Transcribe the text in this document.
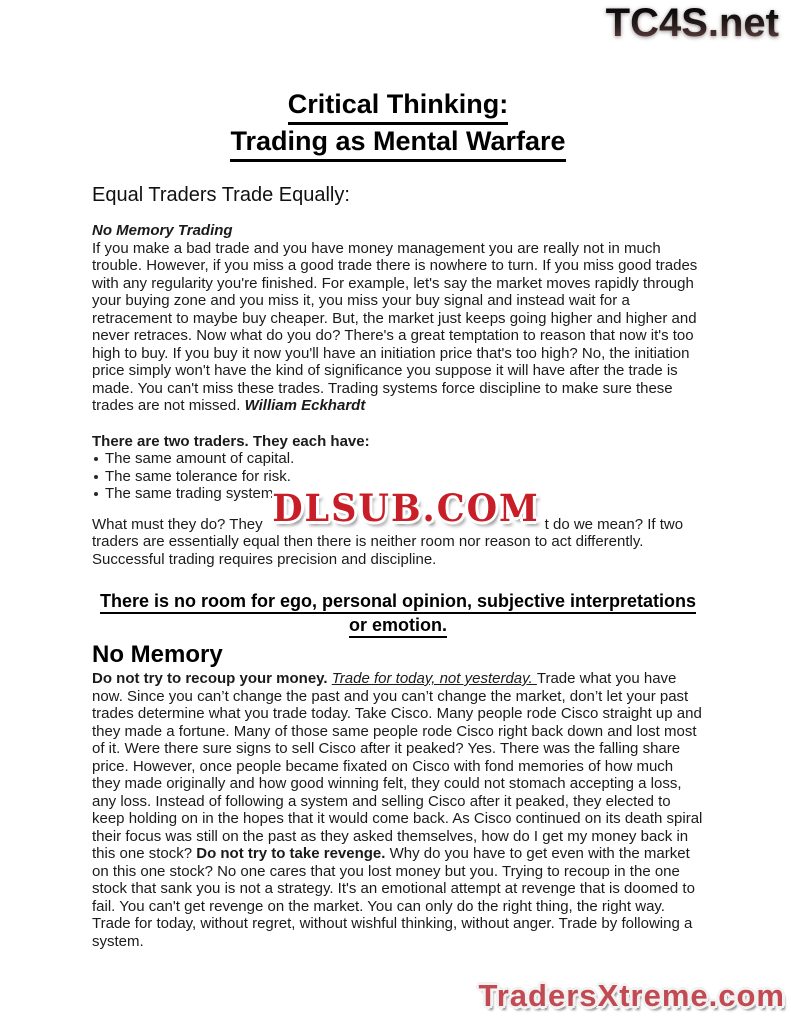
TC4S.net
Critical Thinking:
Trading as Mental Warfare
Equal Traders Trade Equally:
No Memory Trading

If you make a bad trade and you have money management you are really not in much trouble. However, if you miss a good trade there is nowhere to turn. If you miss good trades with any regularity you're finished. For example, let's say the market moves rapidly through your buying zone and you miss it, you miss your buy signal and instead wait for a retracement to maybe buy cheaper. But, the market just keeps going higher and higher and never retraces. Now what do you do? There's a great temptation to reason that now it's too high to buy. If you buy it now you'll have an initiation price that's too high? No, the initiation price simply won't have the kind of significance you suppose it will have after the trade is made. You can't miss these trades. Trading systems force discipline to make sure these trades are not missed. William Eckhardt

There are two traders. They each have:
The same amount of capital.
The same tolerance for risk.
The same trading system.

What must they do? They	t do we mean? If two traders are essentially equal then there is neither room nor reason to act differently. Successful trading requires precision and discipline.

There is no room for ego, personal opinion, subjective interpretations
or emotion.
No Memory

Do not try to recoup your money. Trade for today, not yesterday. Trade what you have now. Since you can’t change the past and you can’t change the market, don’t let your past trades determine what you trade today. Take Cisco. Many people rode Cisco straight up and they made a fortune. Many of those same people rode Cisco right back down and lost most of it. Were there sure signs to sell Cisco after it peaked? Yes. There was the falling share price. However, once people became fixated on Cisco with fond memories of how much they made originally and how good winning felt, they could not stomach accepting a loss, any loss. Instead of following a system and selling Cisco after it peaked, they elected to keep holding on in the hopes that it would come back. As Cisco continued on its death spiral their focus was still on the past as they asked themselves, how do I get my money back in this one stock? Do not try to take revenge. Why do you have to get even with the market on this one stock? No one cares that you lost money but you. Trying to recoup in the one stock that sank you is not a strategy. It's an emotional attempt at revenge that is doomed to fail. You can't get revenge on the market. You can only do the right thing, the right way. Trade for today, without regret, without wishful thinking, without anger. Trade by following a system.

DLSUB.COM
TradersXtreme.com
